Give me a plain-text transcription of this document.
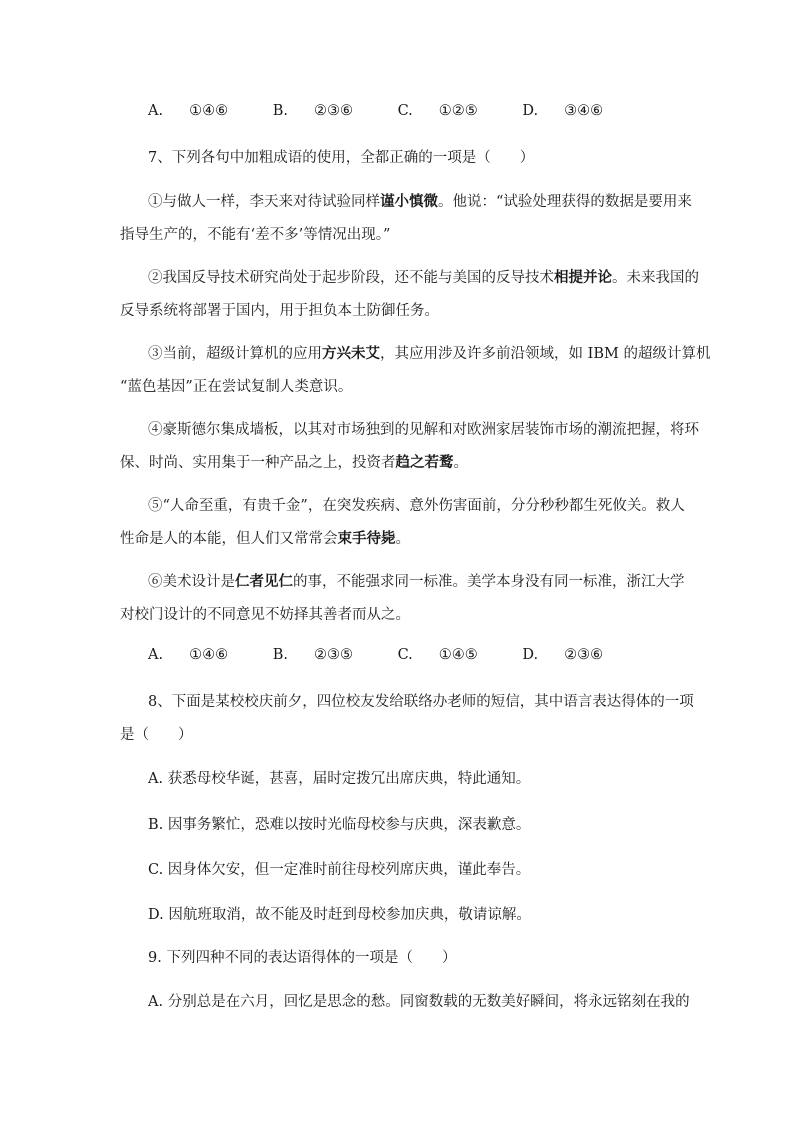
A. ①④⑥	B. ②③⑥	C. ①②⑤	D. ③④⑥
7、下列各句中加粗成语的使用，全都正确的一项是（　　）
①与做人一样，李天来对待试验同样谨小慎微。他说：“试验处理获得的数据是要用来
指导生产的，不能有‘差不多’等情况出现。”
②我国反导技术研究尚处于起步阶段，还不能与美国的反导技术相提并论。未来我国的
反导系统将部署于国内，用于担负本土防御任务。
③当前，超级计算机的应用方兴未艾，其应用涉及许多前沿领域，如 IBM 的超级计算机
“蓝色基因”正在尝试复制人类意识。
④豪斯德尔集成墙板，以其对市场独到的见解和对欧洲家居装饰市场的潮流把握，将环
保、时尚、实用集于一种产品之上，投资者趋之若鹜。
⑤“人命至重，有贵千金”，在突发疾病、意外伤害面前，分分秒秒都生死攸关。救人
性命是人的本能，但人们又常常会束手待毙。
⑥美术设计是仁者见仁的事，不能强求同一标准。美学本身没有同一标准，浙江大学
对校门设计的不同意见不妨择其善者而从之。
A. ①④⑥	B. ②③⑤	C. ①④⑤	D. ②③⑥
8、下面是某校校庆前夕，四位校友发给联络办老师的短信，其中语言表达得体的一项
是（　　）
A. 获悉母校华诞，甚喜，届时定拨冗出席庆典，特此通知。
B. 因事务繁忙，恐难以按时光临母校参与庆典，深表歉意。
C. 因身体欠安，但一定准时前往母校列席庆典，谨此奉告。
D. 因航班取消，故不能及时赶到母校参加庆典，敬请谅解。
9. 下列四种不同的表达语得体的一项是（　　）
A. 分别总是在六月，回忆是思念的愁。同窗数载的无数美好瞬间，将永远铭刻在我的
